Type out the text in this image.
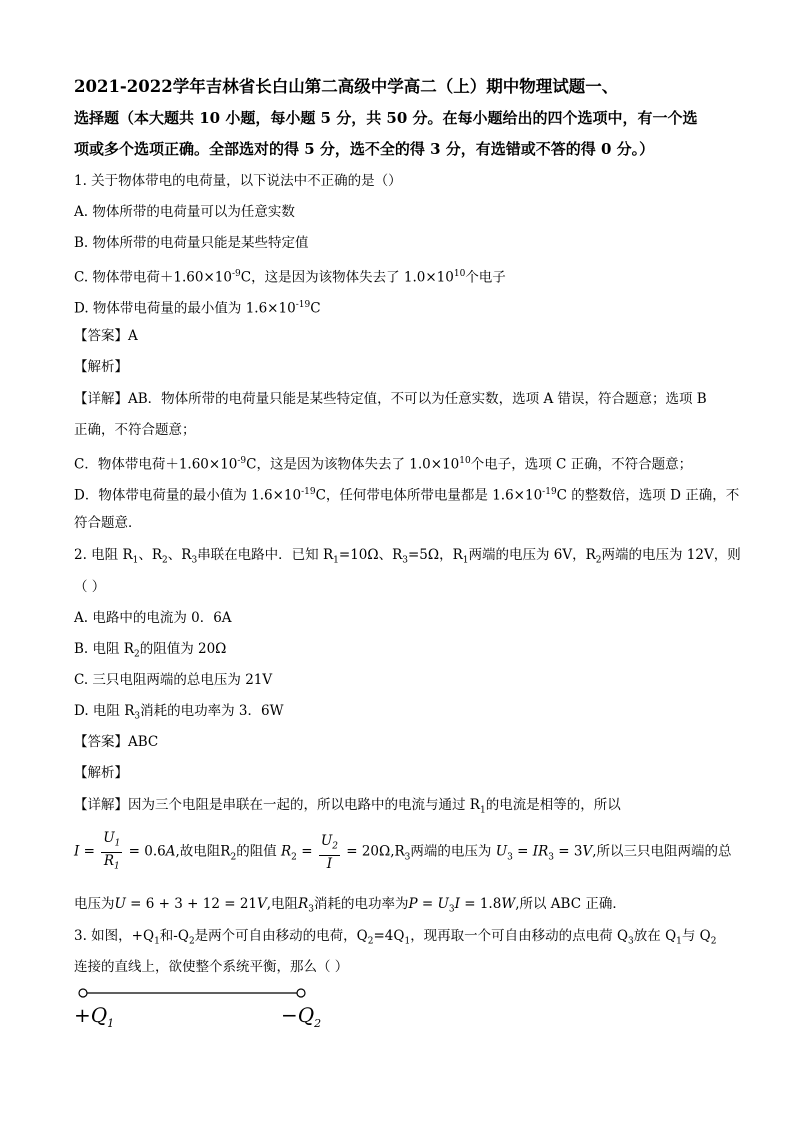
2021-2022学年吉林省长白山第二高级中学高二（上）期中物理试题一、
选择题（本大题共 10 小题，每小题 5 分，共 50 分。在每小题给出的四个选项中，有一个选
项或多个选项正确。全部选对的得 5 分，选不全的得 3 分，有选错或不答的得 0 分。）
1. 关于物体带电的电荷量，以下说法中不正确的是（）
A. 物体所带的电荷量可以为任意实数
B. 物体所带的电荷量只能是某些特定值
C. 物体带电荷$+1.60\times 10^{-9}C$，这是因为该物体失去了 $1.0\times 10^{10}$个电子
D. 物体带电荷量的最小值为 $1.6\times 10^{-19}C$
【答案】A
【解析】
【详解】AB．物体所带的电荷量只能是某些特定值，不可以为任意实数，选项 A 错误，符合题意；选项 B
正确，不符合题意；
C．物体带电荷$+1.60\times 10^{-9}C$，这是因为该物体失去了 $1.0\times 10^{10}$个电子，选项 C 正确，不符合题意；
D．物体带电荷量的最小值为 $1.6\times 10^{-19}C$，任何带电体所带电量都是 $1.6\times 10^{-19}C$ 的整数倍，选项 D 正确，不
符合题意．
2. 电阻 $R_1$、$R_2$、$R_3$串联在电路中．已知 $R_1=10\Omega$、$R_3=5\Omega$，$R_1$两端的电压为 6V，$R_2$两端的电压为 12V，则
（ ）
A. 电路中的电流为 0．6A
B. 电阻 $R_2$的阻值为 20Ω
C. 三只电阻两端的总电压为 21V
D. 电阻 $R_3$消耗的电功率为 3．6W
【答案】ABC
【解析】
【详解】因为三个电阻是串联在一起的，所以电路中的电流与通过 $R_1$的电流是相等的，所以
$I = \frac{U_1}{R_1} = 0.6A$,故电阻$R_2$的阻值 $R_2 = \frac{U_2}{I} = 20\Omega,R_3$两端的电压为 $U_3 = IR_3 = 3V$,所以三只电阻两端的总
电压为U = 6 + 3 + 12 = 21V,电阻$R_3$消耗的电功率为$P = U_3I = 1.8W$,所以 ABC 正确．
3. 如图，$+Q_1$和$-Q_2$是两个可自由移动的电荷，$Q_2=4Q_1$，现再取一个可自由移动的点电荷 $Q_3$放在 $Q_1$与 $Q_2$
连接的直线上，欲使整个系统平衡，那么（ ）
$+Q_1$	$-Q_2$
